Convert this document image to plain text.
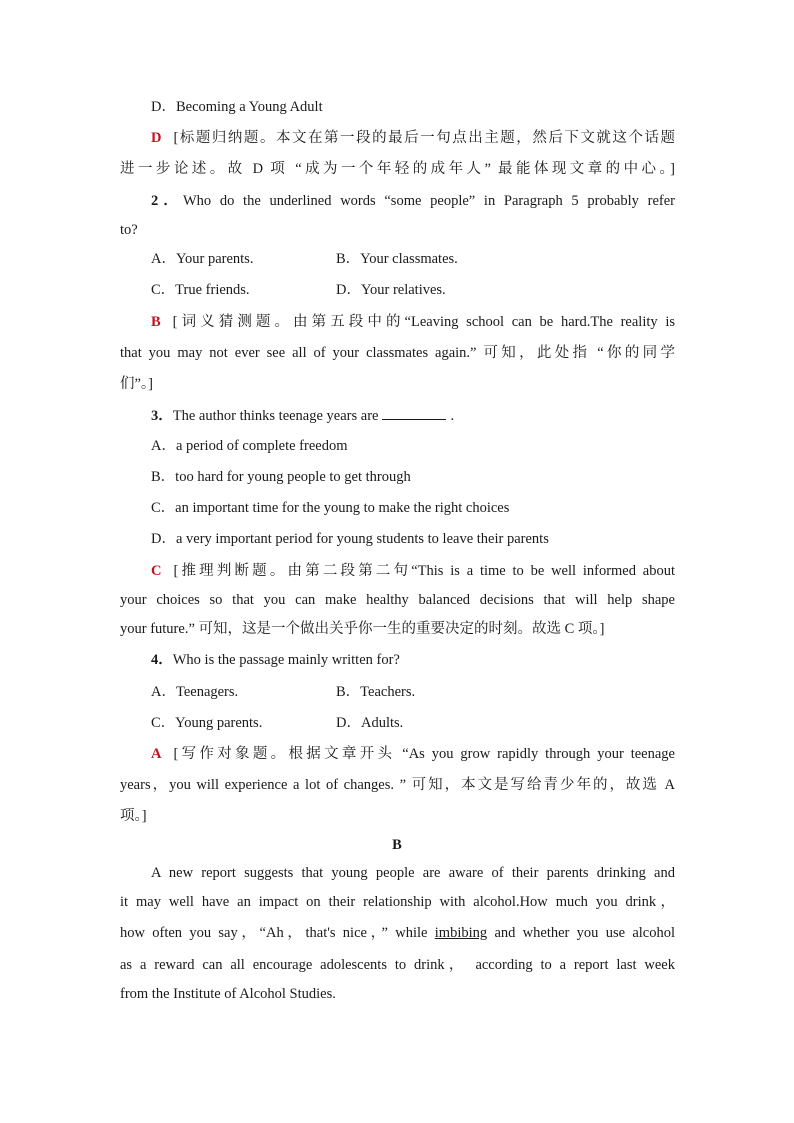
D．Becoming a Young Adult
D [标题归纳题。本文在第一段的最后一句点出主题，然后下文就这个话题
进一步论述。故 D 项 “成为一个年轻的成年人” 最能体现文章的中心。]
2．Who do the underlined words “some people” in Paragraph 5 probably refer
to?
A．Your parents.	B．Your classmates.
C．True friends.	D．Your relatives.
B [词义猜测题。由第五段中的“Leaving school can be hard.The reality is
that you may not ever see all of your classmates again.” 可知，此处指 “你的同学
们”。]
3．The author thinks teenage years are	.
A．a period of complete freedom
B．too hard for young people to get through
C．an important time for the young to make the right choices
D．a very important period for young students to leave their parents
C [推理判断题。由第二段第二句“This is a time to be well informed about
your choices so that you can make healthy balanced decisions that will help shape
your future.” 可知，这是一个做出关乎你一生的重要决定的时刻。故选 C 项。]
4．Who is the passage mainly written for?
A．Teenagers.	B．Teachers.
C．Young parents.	D．Adults.
A [写作对象题。根据文章开头 “As you grow rapidly through your teenage
years，you will experience a lot of changes. ” 可知，本文是写给青少年的，故选 A
项。]
B
A new report suggests that young people are aware of their parents drinking and
it may well have an impact on their relationship with alcohol.How much you drink，
how often you say，“Ah，that's nice，” while imbibing and whether you use alcohol
as a reward can all encourage adolescents to drink， according to a report last week
from the Institute of Alcohol Studies.
